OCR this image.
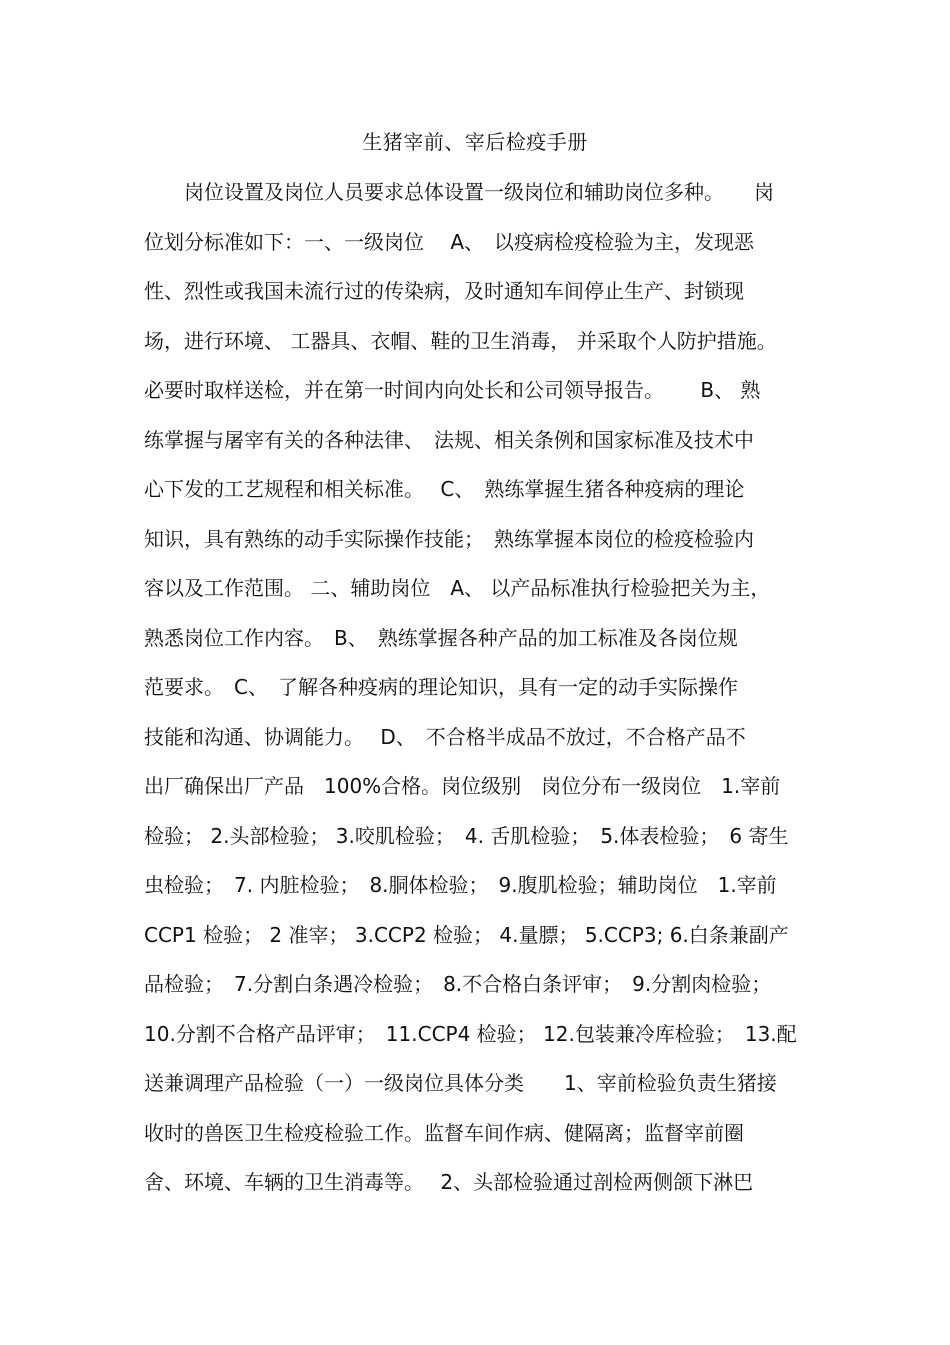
生猪宰前、宰后检疫手册
　　岗位设置及岗位人员要求总体设置一级岗位和辅助岗位多种。　　岗
位划分标准如下：一、一级岗位　 A、　以疫病检疫检验为主，发现恶
性、烈性或我国未流行过的传染病，及时通知车间停止生产、封锁现
场，进行环境、 工器具、衣帽、鞋的卫生消毒， 并采取个人防护措施。
必要时取样送检，并在第一时间内向处长和公司领导报告。　　 B、 熟
练掌握与屠宰有关的各种法律、　法规、相关条例和国家标准及技术中
心下发的工艺规程和相关标准。　 C、　熟练掌握生猪各种疫病的理论
知识，具有熟练的动手实际操作技能；　熟练掌握本岗位的检疫检验内
容以及工作范围。 二、辅助岗位　A、 以产品标准执行检验把关为主，
熟悉岗位工作内容。　B、　熟练掌握各种产品的加工标准及各岗位规
范要求。　C、　了解各种疫病的理论知识，具有一定的动手实际操作
技能和沟通、协调能力。　 D、　不合格半成品不放过，不合格产品不
出厂确保出厂产品　100%合格。岗位级别　岗位分布一级岗位　1.宰前
检验； 2.头部检验； 3.咬肌检验；　4. 舌肌检验；　5.体表检验；　6 寄生
虫检验；　7. 内脏检验；　8.胴体检验；　9.腹肌检验；辅助岗位　1.宰前
CCP1 检验； 2 准宰； 3.CCP2 检验； 4.量膘； 5.CCP3; 6.白条兼副产
品检验；　7.分割白条遇冷检验；　8.不合格白条评审；　9.分割肉检验；
10.分割不合格产品评审；　11.CCP4 检验； 12.包装兼冷库检验；　13.配
送兼调理产品检验（一）一级岗位具体分类　　1、宰前检验负责生猪接
收时的兽医卫生检疫检验工作。监督车间作病、健隔离；监督宰前圈
舍、环境、车辆的卫生消毒等。　 2、头部检验通过剖检两侧颌下淋巴
